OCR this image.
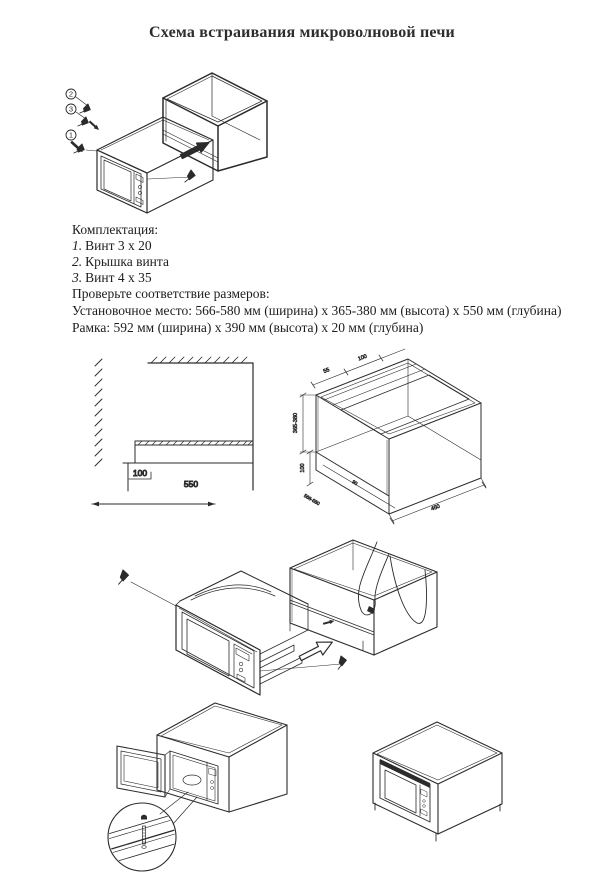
Схема встраивания микроволновой печи
2
3
1
Комплектация:
1. Винт 3 х 20
2. Крышка винта
3. Винт 4 х 35
Проверьте соответствие размеров:
Установочное место: 566-580 мм (ширина) х 365-380 мм (высота) х 550 мм (глубина)
Рамка: 592 мм (ширина) х 390 мм (высота) х 20 мм (глубина)
100
550
55
100
365-380
100
566-580
90
450
